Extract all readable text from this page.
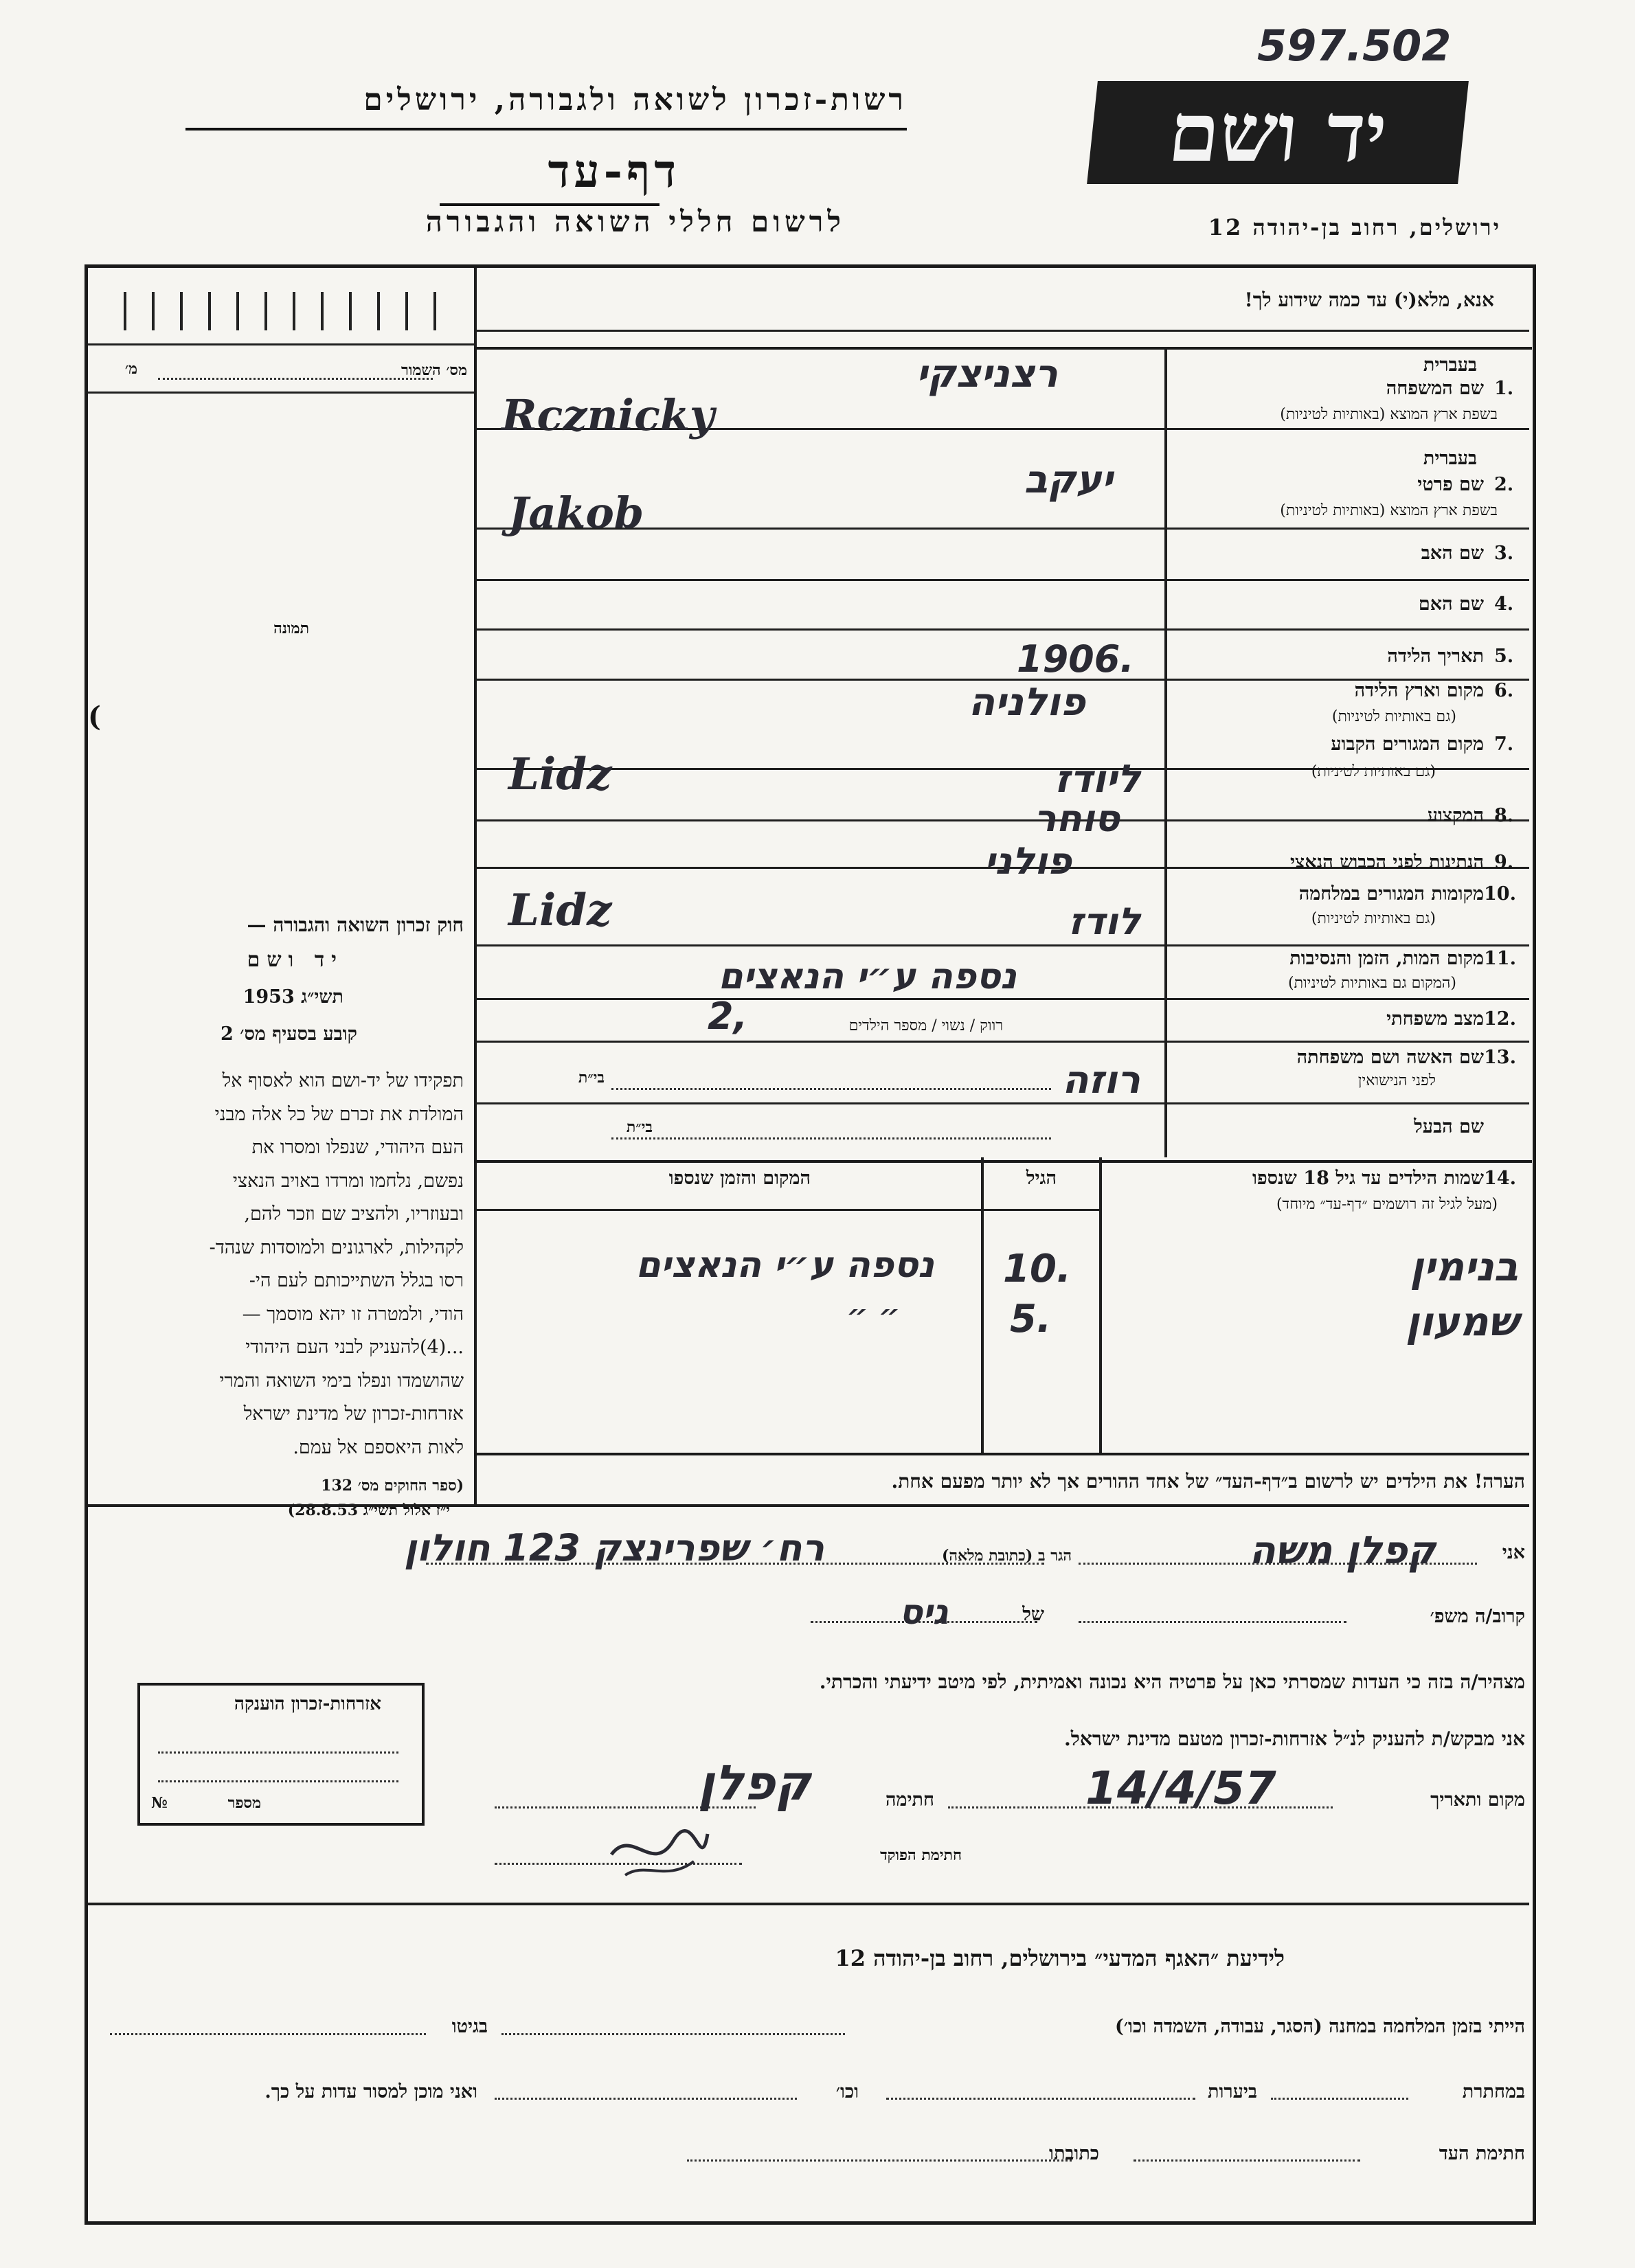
597.502
רשות-זכרון לשואה ולגבורה, ירושלים
דף-עד
לרשום חללי השואה והגבורה
יד ושם
ירושלים, רחוב בן-יהודה 12
אנא, מלא(י) עד כמה שידוע לך!
מס׳ השמור
מ׳
תמונה
(
חוק זכרון השואה והגבורה —
יד ושם
תשי״ג 1953
קובע בסעיף מס׳ 2
תפקידו של יד-ושם הוא לאסוף אל
המולדת את זכרם של כל אלה מבני
העם היהודי, שנפלו ומסרו את
נפשם, נלחמו ומרדו באויב הנאצי
ובעוזריו, ולהציב שם וזכר להם,
לקהילות, לארגונים ולמוסדות שנהד-
רסו בגלל השתייכותם לעם הי-
הודי, ולמטרה זו יהא מוסמך —
...(4)להעניק לבני העם היהודי
שהושמדו ונפלו בימי השואה והמרי
אזרחות-זכרון של מדינת ישראל
לאות היאספם אל עמם.
(ספר החוקים מס׳ 132
י״ז אלול תשי״ג 28.8.53)
בעברית
1.
שם המשפחה
בשפת ארץ המוצא (באותיות לטיניות)
רצניצקי
Rcznicky
בעברית
2.
שם פרטי
בשפת ארץ המוצא (באותיות לטיניות)
יעקב
Jakob
3.
שם האב
4.
שם האם
5.
תאריך הלידה
1906.
6.
מקום וארץ הלידה
(גם באותיות לטיניות)
פולניה
7.
מקום המגורים הקבוע
(גם באותיות לטיניות)
ליודז
Lidz
8.
המקצוע
סוחר
9.
הנתינות לפני הכבוש הנאצי
פולני
10.
מקומות המגורים במלחמה
(גם באותיות לטיניות)
לודז
Lidz
11.
מקום המות, הזמן והנסיבות
(המקום גם באותיות לטיניות)
נספה ע״י הנאצים
12.
מצב משפחתי
רווק / נשוי / מספר הילדים
2,
13.
שם האשה ושם משפחתה
לפני הנישואין
בי״ת	רוזה
שם הבעל
בי״ת
14.
שמות הילדים עד גיל 18 שנספו
(מעל לגיל זה רושמים ״דף-עד״ מיוחד)
הגיל
המקום והזמן שנספו
בנימין
10.
נספה ע״י הנאצים
שמעון
5.
״ ״
הערה! את הילדים יש לרשום ב״דף-העד״ של אחד ההורים אך לא יותר מפעם אחת.
אני
קפלן משה
הגר ב (כתובת מלאה)
רח׳ שפרינצק 123 חולון
קרוב/ה משפ׳
של
גיס
מצהיר/ה בזה כי העדות שמסרתי כאן על פרטיה היא נכונה ואמיתית, לפי מיטב ידיעתי והכרתי.
אני מבקש/ת להעניק לנ״ל אזרחות-זכרון מטעם מדינת ישראל.
מקום ותאריך
14/4/57
חתימה
קפלן
חתימת הפוקד
אזרחות-זכרון הוענקה
מספר
№
לידיעת ״האגף המדעי״ בירושלים, רחוב בן-יהודה 12
הייתי בזמן המלחמה במחנה (הסגר, עבודה, השמדה וכו׳)
בגיטו
במחתרת
ביערות
וכו׳
ואני מוכן למסור עדות על כך.
חתימת העד
כתובתו
